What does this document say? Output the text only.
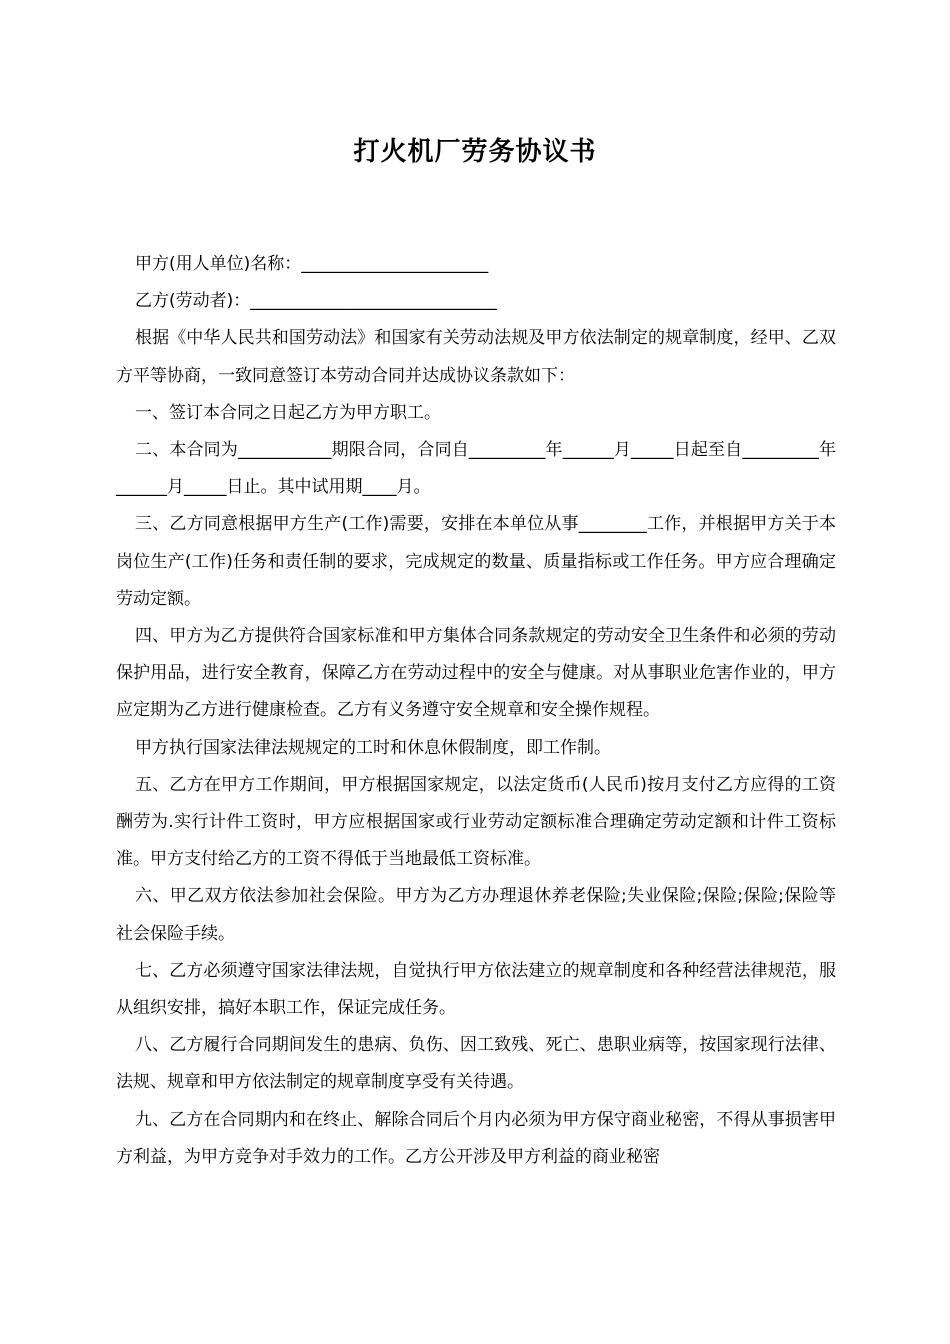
打火机厂劳务协议书

甲方(用人单位)名称：______________________

乙方(劳动者)：_____________________________

根据《中华人民共和国劳动法》和国家有关劳动法规及甲方依法制定的规章制度，经甲、乙双方平等协商，一致同意签订本劳动合同并达成协议条款如下：

一、签订本合同之日起乙方为甲方职工。

二、本合同为___________期限合同，合同自_________年______月_____日起至自_________年______月_____日止。其中试用期____月。

三、乙方同意根据甲方生产(工作)需要，安排在本单位从事________工作，并根据甲方关于本岗位生产(工作)任务和责任制的要求，完成规定的数量、质量指标或工作任务。甲方应合理确定劳动定额。

四、甲方为乙方提供符合国家标准和甲方集体合同条款规定的劳动安全卫生条件和必须的劳动保护用品，进行安全教育，保障乙方在劳动过程中的安全与健康。对从事职业危害作业的，甲方应定期为乙方进行健康检查。乙方有义务遵守安全规章和安全操作规程。

甲方执行国家法律法规规定的工时和休息休假制度，即工作制。

五、乙方在甲方工作期间，甲方根据国家规定，以法定货币(人民币)按月支付乙方应得的工资酬劳为.实行计件工资时，甲方应根据国家或行业劳动定额标准合理确定劳动定额和计件工资标准。甲方支付给乙方的工资不得低于当地最低工资标准。

六、甲乙双方依法参加社会保险。甲方为乙方办理退休养老保险;失业保险;保险;保险;保险等社会保险手续。

七、乙方必须遵守国家法律法规，自觉执行甲方依法建立的规章制度和各种经营法律规范，服从组织安排，搞好本职工作，保证完成任务。

八、乙方履行合同期间发生的患病、负伤、因工致残、死亡、患职业病等，按国家现行法律、法规、规章和甲方依法制定的规章制度享受有关待遇。

九、乙方在合同期内和在终止、解除合同后个月内必须为甲方保守商业秘密，不得从事损害甲方利益，为甲方竞争对手效力的工作。乙方公开涉及甲方利益的商业秘密
